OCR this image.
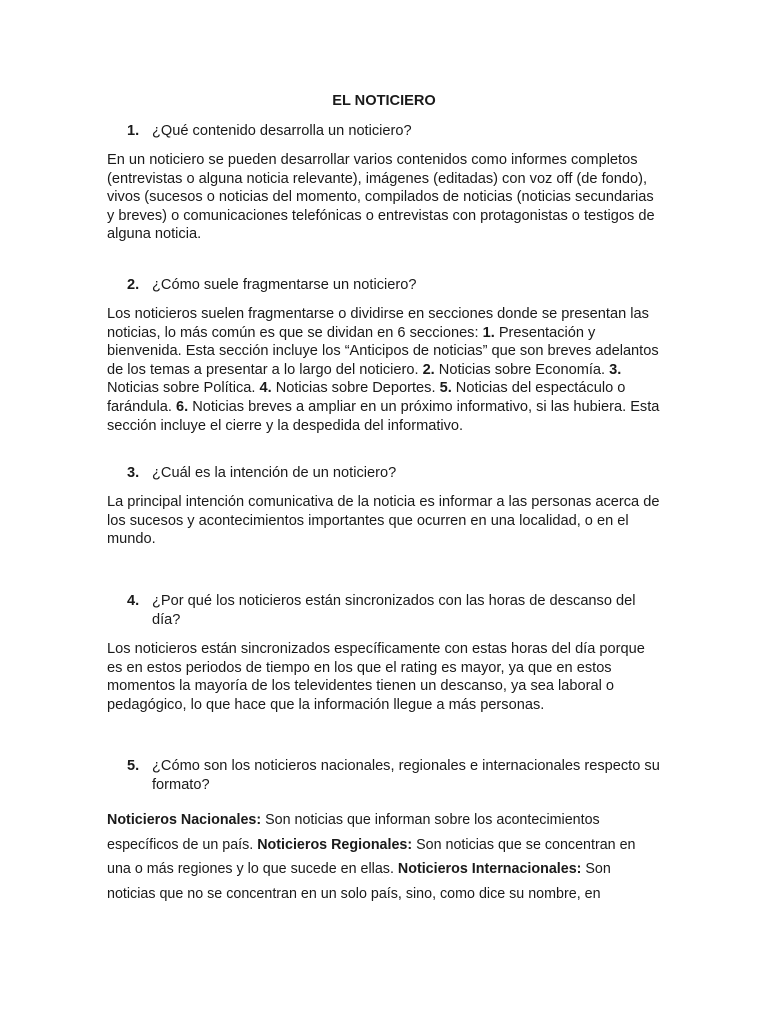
EL NOTICIERO
1. ¿Qué contenido desarrolla un noticiero?

En un noticiero se pueden desarrollar varios contenidos como informes completos (entrevistas o alguna noticia relevante), imágenes (editadas) con voz off (de fondo), vivos (sucesos o noticias del momento, compilados de noticias (noticias secundarias y breves) o comunicaciones telefónicas o entrevistas con protagonistas o testigos de alguna noticia.

2. ¿Cómo suele fragmentarse un noticiero?

Los noticieros suelen fragmentarse o dividirse en secciones donde se presentan las noticias, lo más común es que se dividan en 6 secciones: 1. Presentación y bienvenida. Esta sección incluye los “Anticipos de noticias” que son breves adelantos de los temas a presentar a lo largo del noticiero. 2. Noticias sobre Economía. 3. Noticias sobre Política. 4. Noticias sobre Deportes. 5. Noticias del espectáculo o farándula. 6. Noticias breves a ampliar en un próximo informativo, si las hubiera. Esta sección incluye el cierre y la despedida del informativo.

3. ¿Cuál es la intención de un noticiero?

La principal intención comunicativa de la noticia es informar a las personas acerca de los sucesos y acontecimientos importantes que ocurren en una localidad, o en el mundo.

4. ¿Por qué los noticieros están sincronizados con las horas de descanso del día?

Los noticieros están sincronizados específicamente con estas horas del día porque es en estos periodos de tiempo en los que el rating es mayor, ya que en estos momentos la mayoría de los televidentes tienen un descanso, ya sea laboral o pedagógico, lo que hace que la información llegue a más personas.

5. ¿Cómo son los noticieros nacionales, regionales e internacionales respecto su formato?

Noticieros Nacionales: Son noticias que informan sobre los acontecimientos específicos de un país. Noticieros Regionales: Son noticias que se concentran en una o más regiones y lo que sucede en ellas. Noticieros Internacionales: Son noticias que no se concentran en un solo país, sino, como dice su nombre, en
